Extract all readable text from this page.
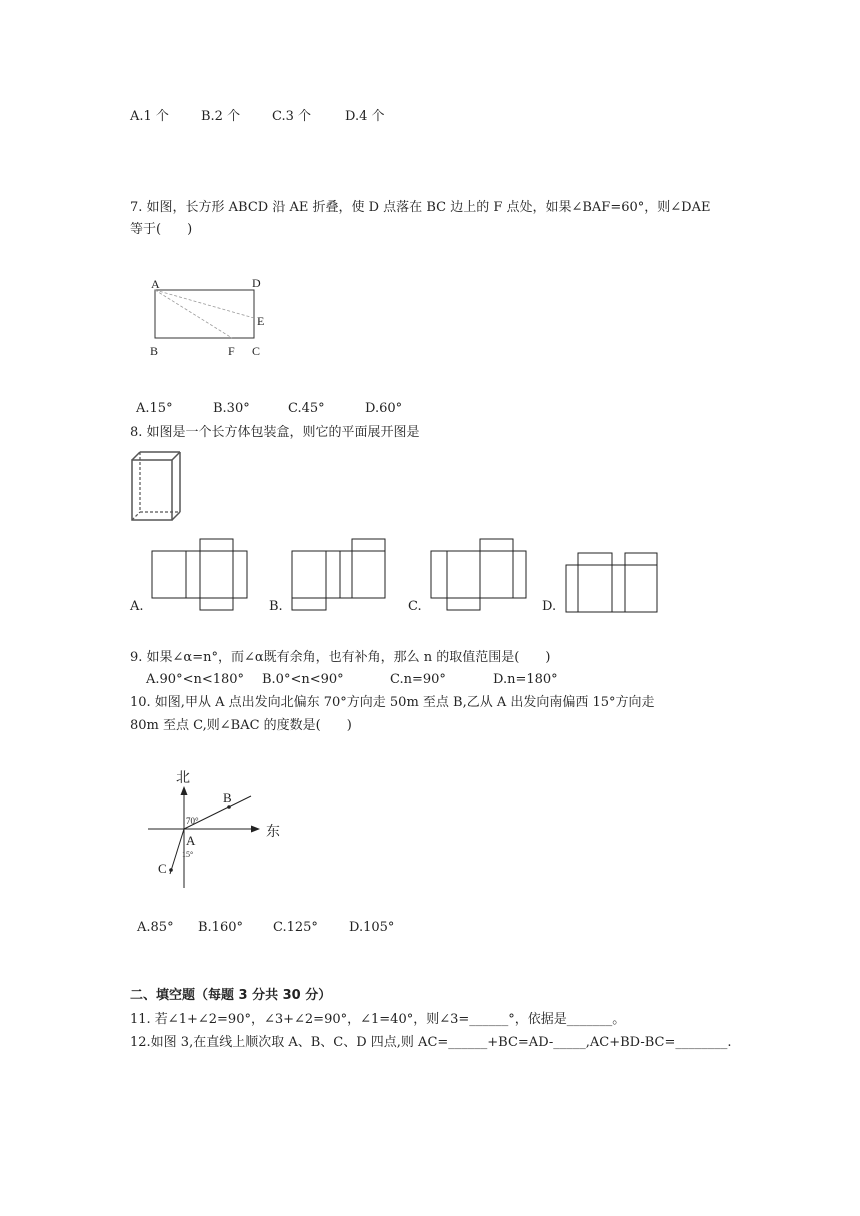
A.1 个 B.2 个 C.3 个	D.4 个
7. 如图，长方形 ABCD 沿 AE 折叠，使 D 点落在 BC 边上的 F 点处，如果∠BAF=60°，则∠DAE
等于(　　)
A	D
E
B	F C
A.15°	B.30°	C.45°	D.60°
8. 如图是一个长方体包装盒，则它的平面展开图是
A.	B.	C.	D.
9. 如果∠α=n°，而∠α既有余角，也有补角，那么 n 的取值范围是(　　)
A.90°<n<180° B.0°<n<90°	C.n=90°	D.n=180°
10. 如图,甲从 A 点出发向北偏东 70°方向走 50m 至点 B,乙从 A 出发向南偏西 15°方向走
80m 至点 C,则∠BAC 的度数是(　　)
北
东
B
A
C
70°
15°
A.85° B.160° C.125° D.105°
二、填空题（每题 3 分共 30 分）
11. 若∠1+∠2=90°，∠3+∠2=90°，∠1=40°，则∠3=______°，依据是_______。
12.如图 3,在直线上顺次取 A、B、C、D 四点,则 AC=______+BC=AD-_____,AC+BD-BC=________.
